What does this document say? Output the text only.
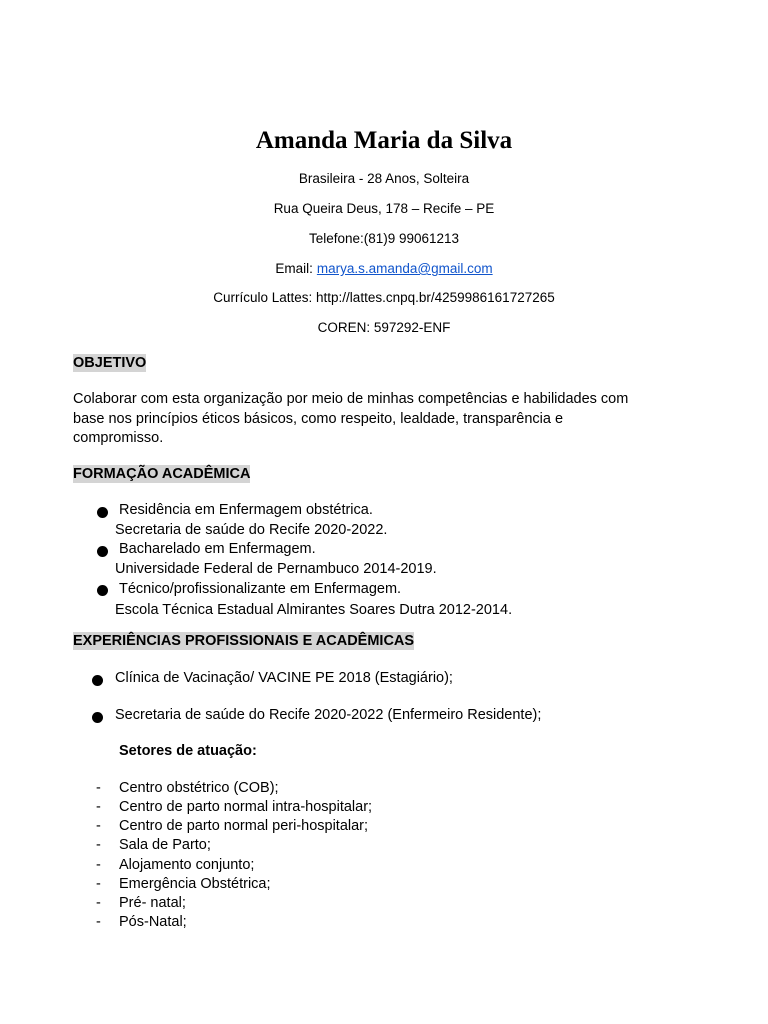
Amanda Maria da Silva
Brasileira - 28 Anos, Solteira
Rua Queira Deus, 178 – Recife – PE
Telefone:(81)9 99061213
Email: marya.s.amanda@gmail.com
Currículo Lattes: http://lattes.cnpq.br/4259986161727265
COREN: 597292-ENF
OBJETIVO
Colaborar com esta organização por meio de minhas competências e habilidades com
base nos princípios éticos básicos, como respeito, lealdade, transparência e
compromisso.
FORMAÇÃO ACADÊMICA
Residência em Enfermagem obstétrica.
Secretaria de saúde do Recife 2020-2022.
Bacharelado em Enfermagem.
Universidade Federal de Pernambuco 2014-2019.
Técnico/profissionalizante em Enfermagem.
Escola Técnica Estadual Almirantes Soares Dutra 2012-2014.
EXPERIÊNCIAS PROFISSIONAIS E ACADÊMICAS
Clínica de Vacinação/ VACINE PE 2018 (Estagiário);
Secretaria de saúde do Recife 2020-2022 (Enfermeiro Residente);
Setores de atuação:
- Centro obstétrico (COB);
- Centro de parto normal intra-hospitalar;
- Centro de parto normal peri-hospitalar;
- Sala de Parto;
- Alojamento conjunto;
- Emergência Obstétrica;
- Pré- natal;
- Pós-Natal;
